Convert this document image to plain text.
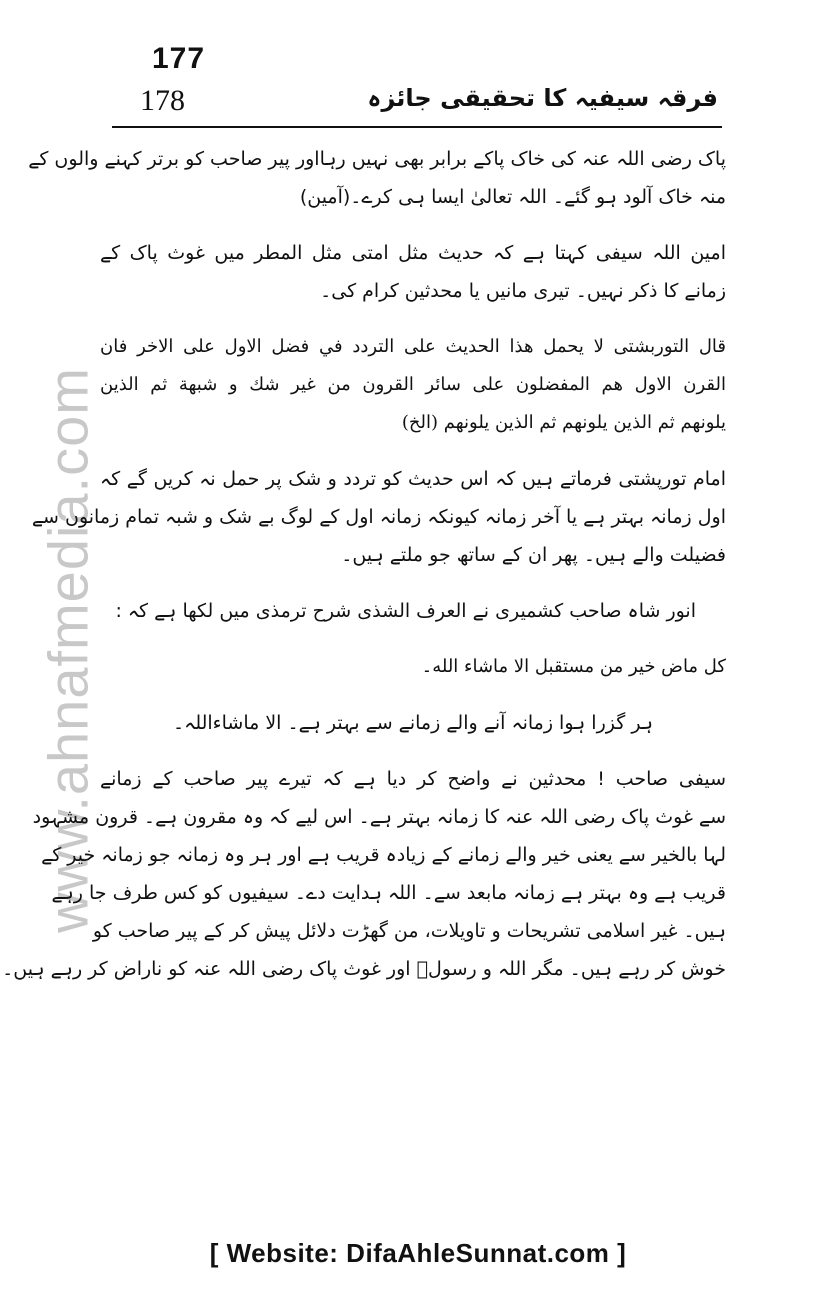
177
178	فرقہ سیفیہ کا تحقیقی جائزہ
www.ahnafmedia.com
پاک رضی اللہ عنہ کی خاک پاکے برابر بھی نہیں رہااور پیر صاحب کو برتر کہنے والوں کے
منہ خاک آلود ہو گئے۔ اللہ تعالیٰ ایسا ہی کرے۔(آمین)
امین اللہ سیفی کہتا ہے کہ حدیث مثل امتی مثل المطر میں غوث پاک کے
زمانے کا ذکر نہیں۔ تیری مانیں یا محدثین کرام کی۔
قال التوربشتی لا يحمل هذا الحديث على التردد في فضل الاول على الاخر فان
القرن الاول هم المفضلون على سائر القرون من غير شك و شبهة ثم الذين
يلونهم ثم الذين يلونهم ثم الذين يلونهم (الخ)
امام تورپشتی فرماتے ہیں کہ اس حدیث کو تردد و شک پر حمل نہ کریں گے کہ
اول زمانہ بہتر ہے یا آخر زمانہ کیونکہ زمانہ اول کے لوگ بے شک و شبہ تمام زمانوں سے
فضیلت والے ہیں۔ پھر ان کے ساتھ جو ملتے ہیں۔
انور شاہ صاحب کشمیری نے العرف الشذی شرح ترمذی میں لکھا ہے کہ :
كل ماض خير من مستقبل الا ماشاء الله۔
ہر گزرا ہوا زمانہ آنے والے زمانے سے بہتر ہے۔ الا ماشاءاللہ۔
سیفی صاحب ! محدثین نے واضح کر دیا ہے کہ تیرے پیر صاحب کے زمانے
سے غوث پاک رضی اللہ عنہ کا زمانہ بہتر ہے۔ اس لیے کہ وہ مقرون ہے۔ قرون مشہود
لہا بالخیر سے یعنی خیر والے زمانے کے زیادہ قریب ہے اور ہر وہ زمانہ جو زمانہ خیر کے
قریب ہے وہ بہتر ہے زمانہ مابعد سے۔ اللہ ہدایت دے۔ سیفیوں کو کس طرف جا رہے
ہیں۔ غیر اسلامی تشریحات و تاویلات، من گھڑت دلائل پیش کر کے پیر صاحب کو
خوش کر رہے ہیں۔ مگر اللہ و رسولؐ اور غوث پاک رضی اللہ عنہ کو ناراض کر رہے ہیں۔
[ Website: DifaAhleSunnat.com ]
